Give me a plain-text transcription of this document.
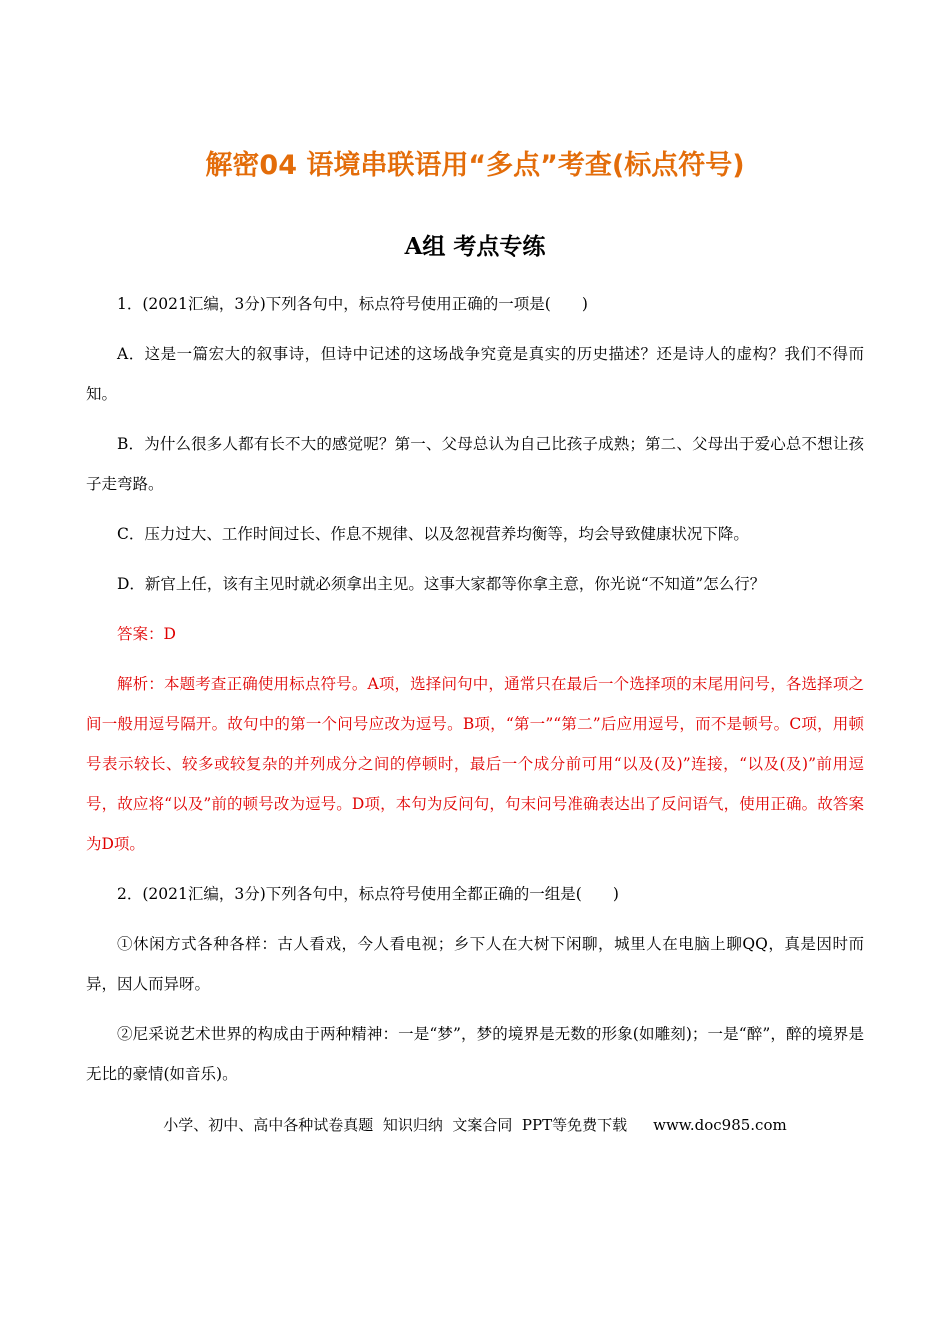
解密04 语境串联语用“多点”考查(标点符号)
A组 考点专练

1．(2021汇编，3分)下列各句中，标点符号使用正确的一项是(　　)

A．这是一篇宏大的叙事诗，但诗中记述的这场战争究竟是真实的历史描述？还是诗人的虚构？我们不得而知。

B．为什么很多人都有长不大的感觉呢？第一、父母总认为自己比孩子成熟；第二、父母出于爱心总不想让孩子走弯路。

C．压力过大、工作时间过长、作息不规律、以及忽视营养均衡等，均会导致健康状况下降。

D．新官上任，该有主见时就必须拿出主见。这事大家都等你拿主意，你光说“不知道”怎么行？

答案：D

解析：本题考查正确使用标点符号。A项，选择问句中，通常只在最后一个选择项的末尾用问号，各选择项之间一般用逗号隔开。故句中的第一个问号应改为逗号。B项，“第一”“第二”后应用逗号，而不是顿号。C项，用顿号表示较长、较多或较复杂的并列成分之间的停顿时，最后一个成分前可用“以及(及)”连接，“以及(及)”前用逗号，故应将“以及”前的顿号改为逗号。D项，本句为反问句，句末问号准确表达出了反问语气，使用正确。故答案为D项。

2．(2021汇编，3分)下列各句中，标点符号使用全都正确的一组是(　　)

①休闲方式各种各样：古人看戏，今人看电视；乡下人在大树下闲聊，城里人在电脑上聊QQ，真是因时而异，因人而异呀。

②尼采说艺术世界的构成由于两种精神：一是“梦”，梦的境界是无数的形象(如雕刻)；一是“醉”，醉的境界是无比的豪情(如音乐)。

小学、初中、高中各种试卷真题  知识归纳  文案合同  PPT等免费下载 www.doc985.com
